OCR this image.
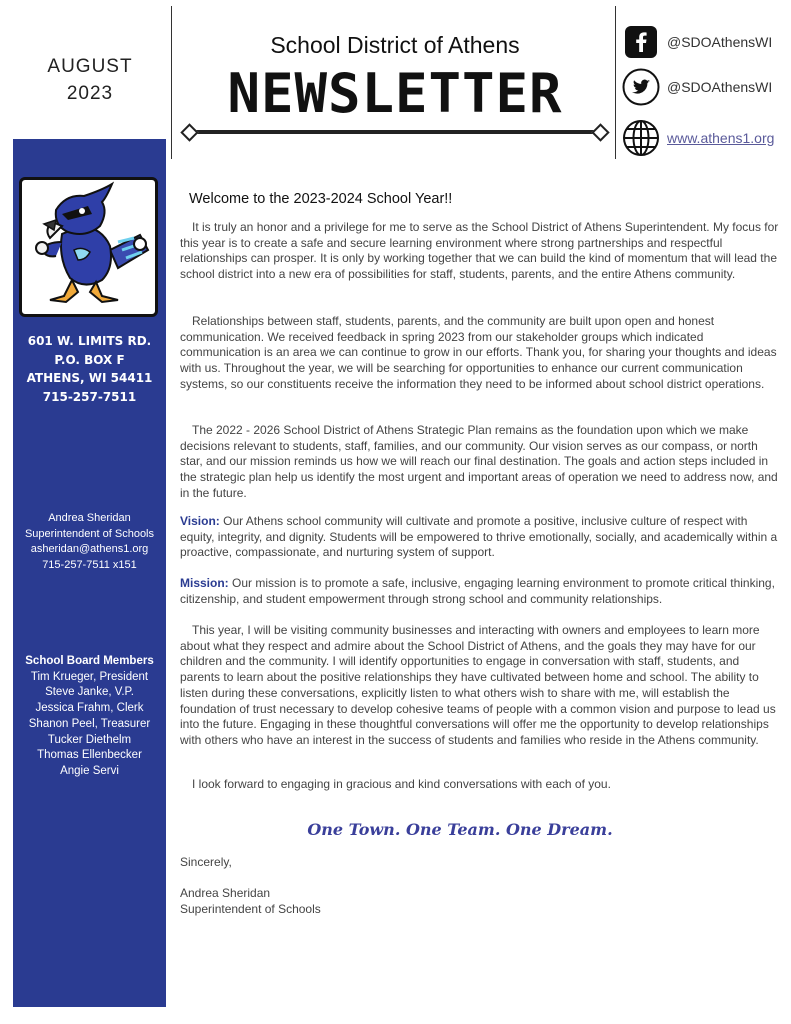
AUGUST
2023
School District of Athens
NEWSLETTER
@SDOAthensWI
@SDOAthensWI
www.athens1.org
601 W. LIMITS RD.
P.O. BOX F
ATHENS, WI 54411
715-257-7511
Andrea Sheridan
Superintendent of Schools
asheridan@athens1.org
715-257-7511 x151
School Board Members
Tim Krueger, President
Steve Janke, V.P.
Jessica Frahm, Clerk
Shanon Peel, Treasurer
Tucker Diethelm
Thomas Ellenbecker
Angie Servi
Welcome to the 2023-2024 School Year!!

It is truly an honor and a privilege for me to serve as the School District of Athens Superintendent. My focus for this year is to create a safe and secure learning environment where strong partnerships and respectful relationships can prosper. It is only by working together that we can build the kind of momentum that will lead the school district into a new era of possibilities for staff, students, parents, and the entire Athens community.

Relationships between staff, students, parents, and the community are built upon open and honest communication. We received feedback in spring 2023 from our stakeholder groups which indicated communication is an area we can continue to grow in our efforts. Thank you, for sharing your thoughts and ideas with us. Throughout the year, we will be searching for opportunities to enhance our current communication systems, so our constituents receive the information they need to be informed about school district operations.

The 2022 - 2026 School District of Athens Strategic Plan remains as the foundation upon which we make decisions relevant to students, staff, families, and our community. Our vision serves as our compass, or north star, and our mission reminds us how we will reach our final destination. The goals and action steps included in the strategic plan help us identify the most urgent and important areas of operation we need to address now, and in the future.

Vision: Our Athens school community will cultivate and promote a positive, inclusive culture of respect with equity, integrity, and dignity. Students will be empowered to thrive emotionally, socially, and academically within a proactive, compassionate, and nurturing system of support.

Mission: Our mission is to promote a safe, inclusive, engaging learning environment to promote critical thinking, citizenship, and student empowerment through strong school and community relationships.

This year, I will be visiting community businesses and interacting with owners and employees to learn more about what they respect and admire about the School District of Athens, and the goals they may have for our children and the community. I will identify opportunities to engage in conversation with staff, students, and parents to learn about the positive relationships they have cultivated between home and school. The ability to listen during these conversations, explicitly listen to what others wish to share with me, will establish the foundation of trust necessary to develop cohesive teams of people with a common vision and purpose to lead us into the future. Engaging in these thoughtful conversations will offer me the opportunity to develop relationships with others who have an interest in the success of students and families who reside in the Athens community.

I look forward to engaging in gracious and kind conversations with each of you.

One Town. One Team. One Dream.
Sincerely,
Andrea Sheridan
Superintendent of Schools
